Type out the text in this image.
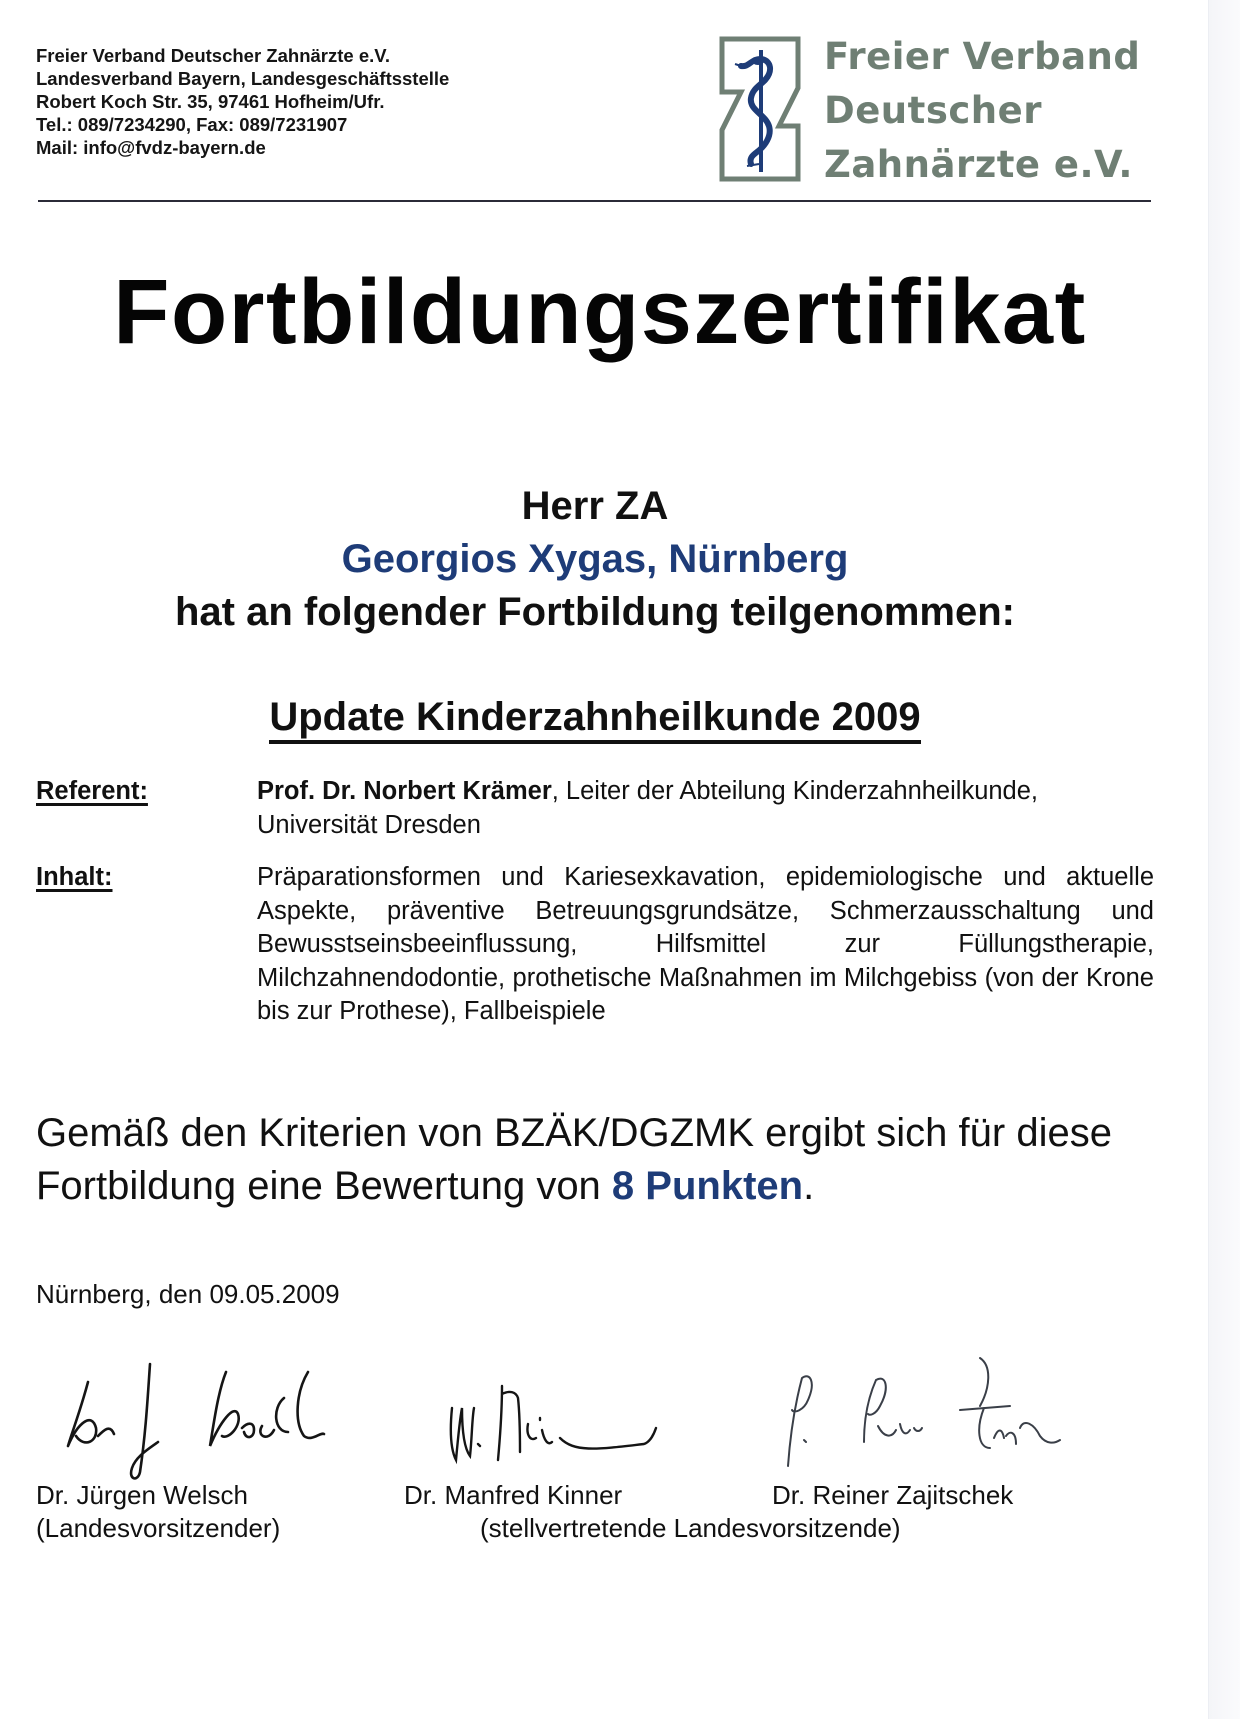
Freier Verband Deutscher Zahnärzte e.V.
Landesverband Bayern, Landesgeschäftsstelle
Robert Koch Str. 35, 97461 Hofheim/Ufr.
Tel.: 089/7234290, Fax: 089/7231907
Mail: info@fvdz-bayern.de
Freier Verband
Deutscher
Zahnärzte e.V.
Fortbildungszertifikat
Herr ZA
Georgios Xygas, Nürnberg
hat an folgender Fortbildung teilgenommen:
Update Kinderzahnheilkunde 2009
Referent:	Prof. Dr. Norbert Krämer, Leiter der Abteilung Kinderzahnheilkunde,
Universität Dresden
Inhalt:	Präparationsformen und Kariesexkavation, epidemiologische und aktuelle Aspekte, präventive Betreuungsgrundsätze, Schmerzausschaltung und Bewusstseinsbeeinflussung, Hilfsmittel zur Füllungstherapie, Milchzahnendodontie, prothetische Maßnahmen im Milchgebiss (von der Krone bis zur Prothese), Fallbeispiele
Gemäß den Kriterien von BZÄK/DGZMK ergibt sich für diese Fortbildung eine Bewertung von 8 Punkten.
Nürnberg, den 09.05.2009
Dr. Jürgen Welsch	Dr. Manfred Kinner	Dr. Reiner Zajitschek
(Landesvorsitzender)	(stellvertretende Landesvorsitzende)
